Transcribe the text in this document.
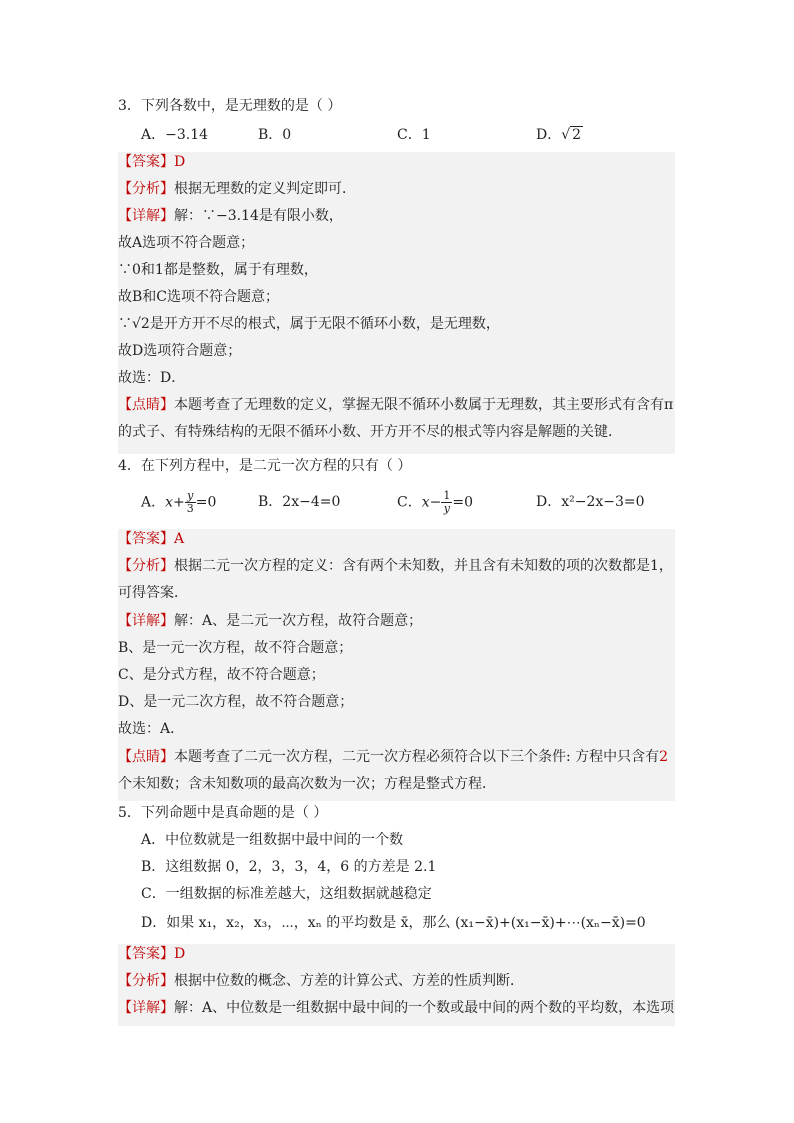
3．下列各数中，是无理数的是（ ）
A．−3.14	B．0	C．1	D．√ 2
【答案】D
【分析】根据无理数的定义判定即可．
【详解】解：∵−3.14是有限小数，
故A选项不符合题意；
∵0和1都是整数，属于有理数，
故B和C选项不符合题意；
∵√2是开方开不尽的根式，属于无限不循环小数，是无理数，
故D选项符合题意；
故选：D．
【点睛】本题考查了无理数的定义，掌握无限不循环小数属于无理数，其主要形式有含有π
的式子、有特殊结构的无限不循环小数、开方开不尽的根式等内容是解题的关键．
4．在下列方程中，是二元一次方程的只有（ ）
A．$x+ \frac{y}{3} =0$	B．2x−4=0	C．$x- \frac{1}{y} =0$	D．x²−2x−3=0
【答案】A
【分析】根据二元一次方程的定义：含有两个未知数，并且含有未知数的项的次数都是1，
可得答案．
【详解】解：A、是二元一次方程，故符合题意；
B、是一元一次方程，故不符合题意；
C、是分式方程，故不符合题意；
D、是一元二次方程，故不符合题意；
故选：A．
【点睛】本题考查了二元一次方程，二元一次方程必须符合以下三个条件: 方程中只含有2
个未知数；含未知数项的最高次数为一次；方程是整式方程．
5．下列命题中是真命题的是（ ）
A．中位数就是一组数据中最中间的一个数
B．这组数据 0，2，3，3，4，6 的方差是 2.1
C．一组数据的标准差越大，这组数据就越稳定
D．如果 x₁，x₂，x₃，⋯，xₙ 的平均数是 x̄，那么 (x₁−x̄)+(x₁−x̄)+⋯(xₙ−x̄)=0
【答案】D
【分析】根据中位数的概念、方差的计算公式、方差的性质判断．
【详解】解：A、中位数是一组数据中最中间的一个数或最中间的两个数的平均数，本选项
